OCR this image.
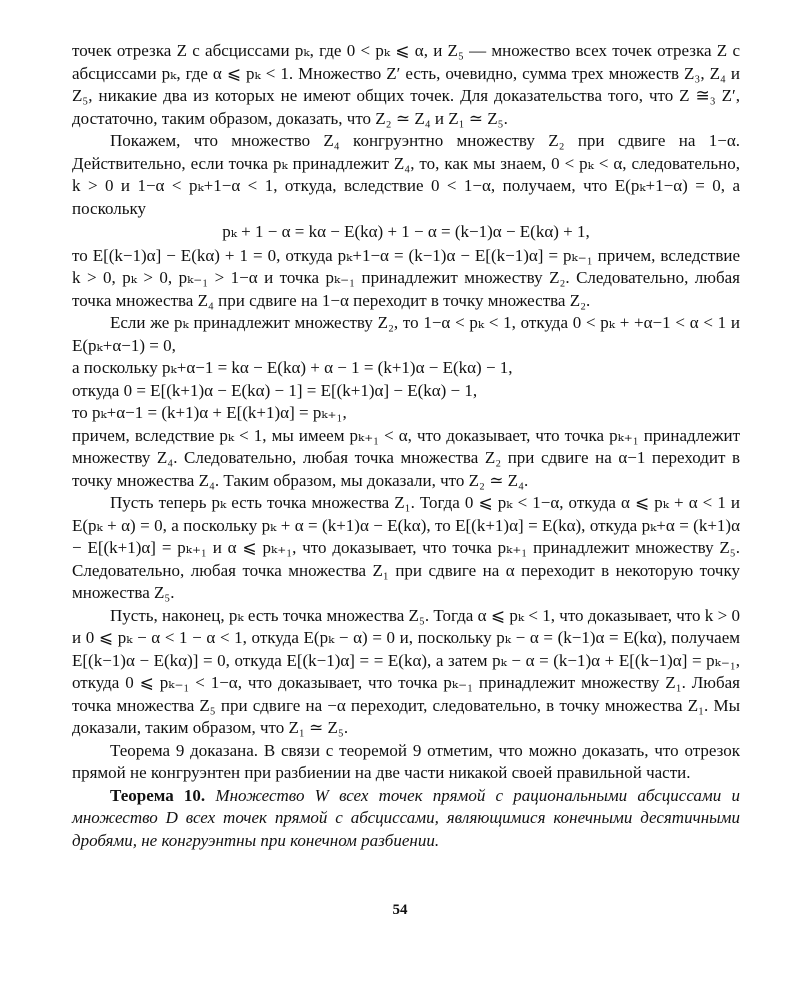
точек отрезка Z с абсциссами pₖ, где 0 < pₖ ⩽ α, и Z₅ — множество всех точек отрезка Z с абсциссами pₖ, где α ⩽ pₖ < 1. Множество Z′ есть, очевидно, сумма трех множеств Z₃, Z₄ и Z₅, никакие два из которых не имеют общих точек. Для доказательства того, что Z ≅₃ Z′, достаточно, таким образом, доказать, что Z₂ ≃ Z₄ и Z₁ ≃ Z₅.

Покажем, что множество Z₄ конгруэнтно множеству Z₂ при сдвиге на 1−α. Действительно, если точка pₖ принадлежит Z₄, то, как мы знаем, 0 < pₖ < α, следовательно, k > 0 и 1−α < pₖ+1−α < 1, откуда, вследствие 0 < 1−α, получаем, что E(pₖ+1−α) = 0, а поскольку

pₖ + 1 − α = kα − E(kα) + 1 − α = (k−1)α − E(kα) + 1,

то E[(k−1)α] − E(kα) + 1 = 0, откуда pₖ+1−α = (k−1)α − E[(k−1)α] = pₖ₋₁ причем, вследствие k > 0, pₖ > 0, pₖ₋₁ > 1−α и точка pₖ₋₁ принадлежит множеству Z₂. Следовательно, любая точка множества Z₄ при сдвиге на 1−α переходит в точку множества Z₂.

Если же pₖ принадлежит множеству Z₂, то 1−α < pₖ < 1, откуда 0 < pₖ + +α−1 < α < 1 и E(pₖ+α−1) = 0,

а поскольку pₖ+α−1 = kα − E(kα) + α − 1 = (k+1)α − E(kα) − 1,

откуда 0 = E[(k+1)α − E(kα) − 1] = E[(k+1)α] − E(kα) − 1,

то pₖ+α−1 = (k+1)α + E[(k+1)α] = pₖ₊₁,

причем, вследствие pₖ < 1, мы имеем pₖ₊₁ < α, что доказывает, что точка pₖ₊₁ принадлежит множеству Z₄. Следовательно, любая точка множества Z₂ при сдвиге на α−1 переходит в точку множества Z₄. Таким образом, мы доказали, что Z₂ ≃ Z₄.

Пусть теперь pₖ есть точка множества Z₁. Тогда 0 ⩽ pₖ < 1−α, откуда α ⩽ pₖ + α < 1 и E(pₖ + α) = 0, а поскольку pₖ + α = (k+1)α − E(kα), то E[(k+1)α] = E(kα), откуда pₖ+α = (k+1)α − E[(k+1)α] = pₖ₊₁ и α ⩽ pₖ₊₁, что доказывает, что точка pₖ₊₁ принадлежит множеству Z₅. Следовательно, любая точка множества Z₁ при сдвиге на α переходит в некоторую точку множества Z₅.

Пусть, наконец, pₖ есть точка множества Z₅. Тогда α ⩽ pₖ < 1, что доказывает, что k > 0 и 0 ⩽ pₖ − α < 1 − α < 1, откуда E(pₖ − α) = 0 и, поскольку pₖ − α = (k−1)α = E(kα), получаем E[(k−1)α − E(kα)] = 0, откуда E[(k−1)α] = = E(kα), а затем pₖ − α = (k−1)α + E[(k−1)α] = pₖ₋₁, откуда 0 ⩽ pₖ₋₁ < 1−α, что доказывает, что точка pₖ₋₁ принадлежит множеству Z₁. Любая точка множества Z₅ при сдвиге на −α переходит, следовательно, в точку множества Z₁. Мы доказали, таким образом, что Z₁ ≃ Z₅.

Теорема 9 доказана. В связи с теоремой 9 отметим, что можно доказать, что отрезок прямой не конгруэнтен при разбиении на две части никакой своей правильной части.

Теорема 10. Множество W всех точек прямой с рациональными абсциссами и множество D всех точек прямой с абсциссами, являющимися конечными десятичными дробями, не конгруэнтны при конечном разбиении.

54
